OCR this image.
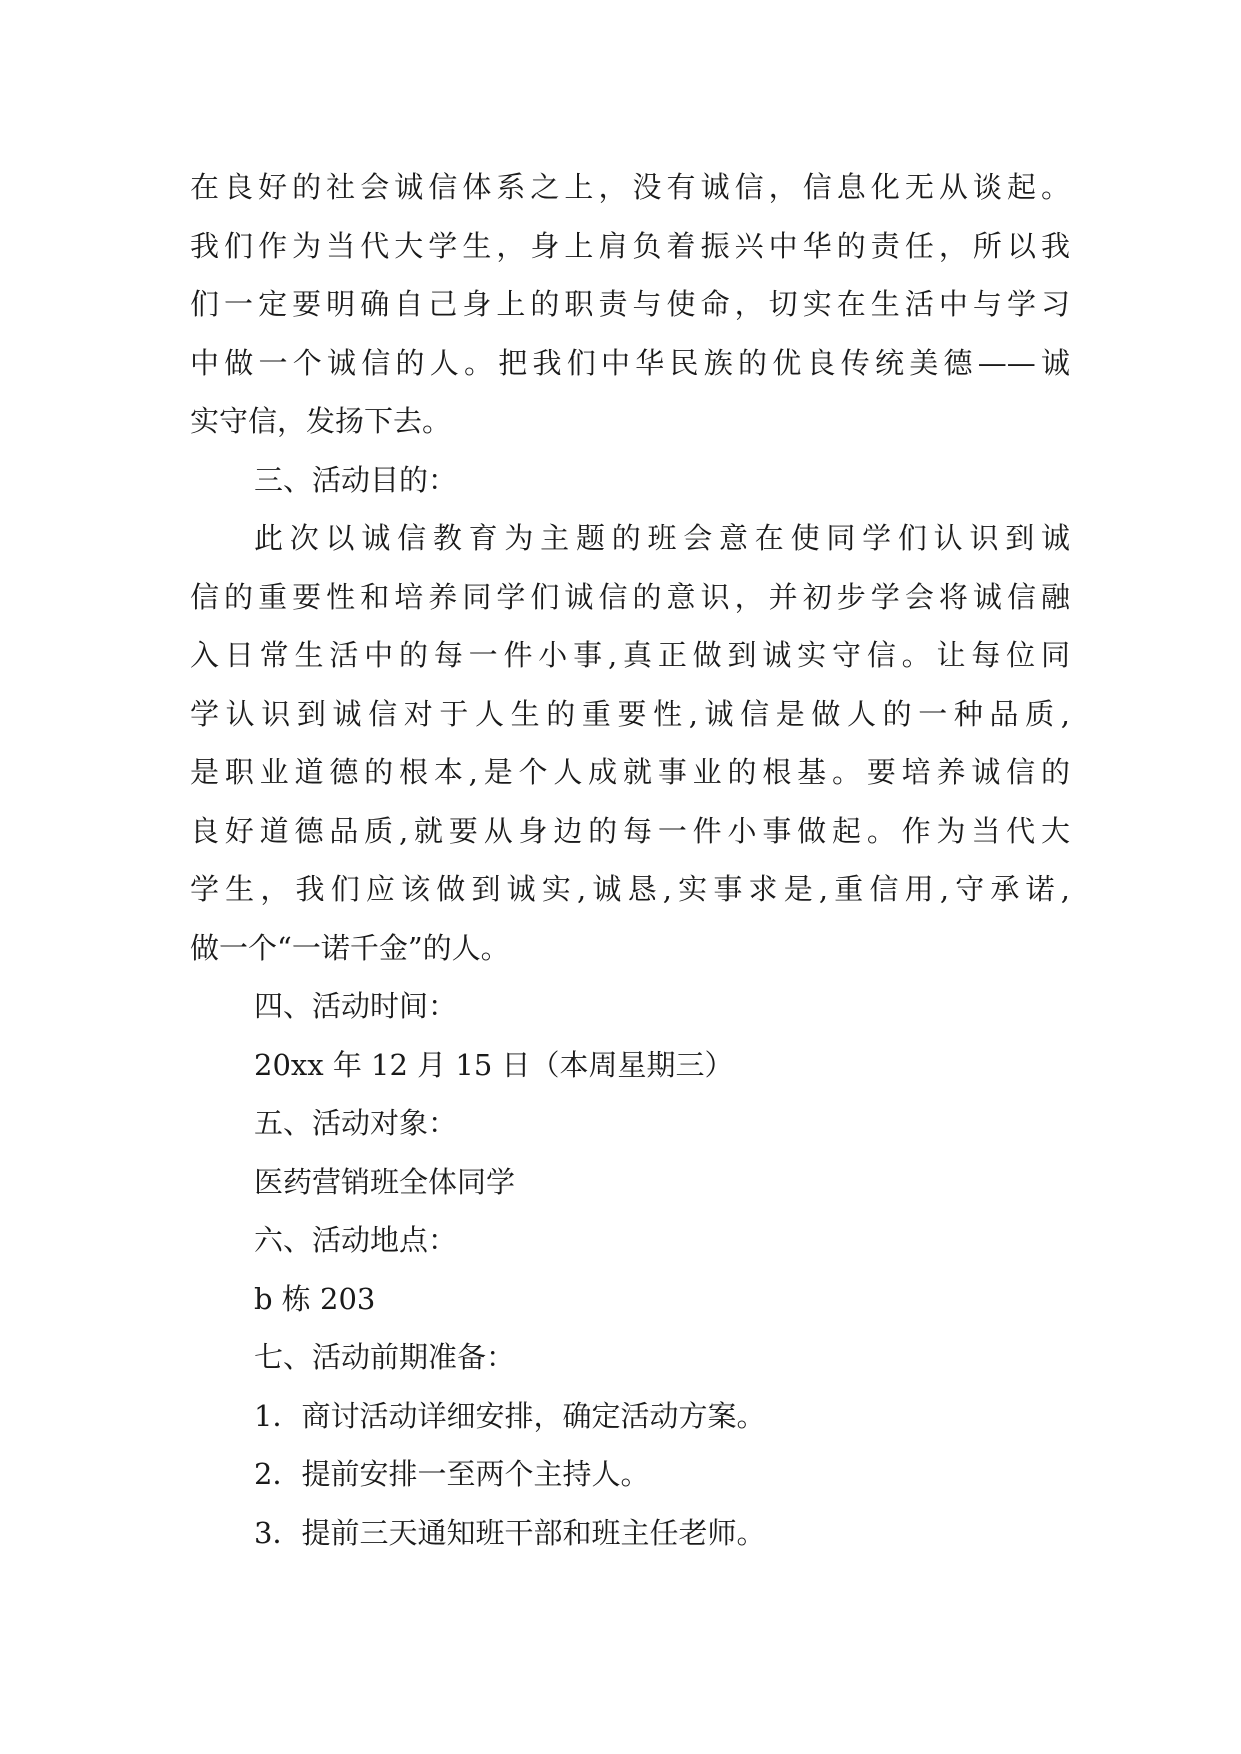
在良好的社会诚信体系之上，没有诚信，信息化无从谈起。
我们作为当代大学生，身上肩负着振兴中华的责任，所以我
们一定要明确自己身上的职责与使命，切实在生活中与学习
中做一个诚信的人。把我们中华民族的优良传统美德——诚
实守信，发扬下去。
三、活动目的：
此次以诚信教育为主题的班会意在使同学们认识到诚
信的重要性和培养同学们诚信的意识，并初步学会将诚信融
入日常生活中的每一件小事,真正做到诚实守信。让每位同
学认识到诚信对于人生的重要性,诚信是做人的一种品质,
是职业道德的根本,是个人成就事业的根基。要培养诚信的
良好道德品质,就要从身边的每一件小事做起。作为当代大
学生，我们应该做到诚实,诚恳,实事求是,重信用,守承诺,
做一个“一诺千金”的人。
四、活动时间：
20xx 年 12 月 15 日（本周星期三）
五、活动对象：
医药营销班全体同学
六、活动地点：
b 栋 203
七、活动前期准备：
1．商讨活动详细安排，确定活动方案。
2．提前安排一至两个主持人。
3．提前三天通知班干部和班主任老师。
